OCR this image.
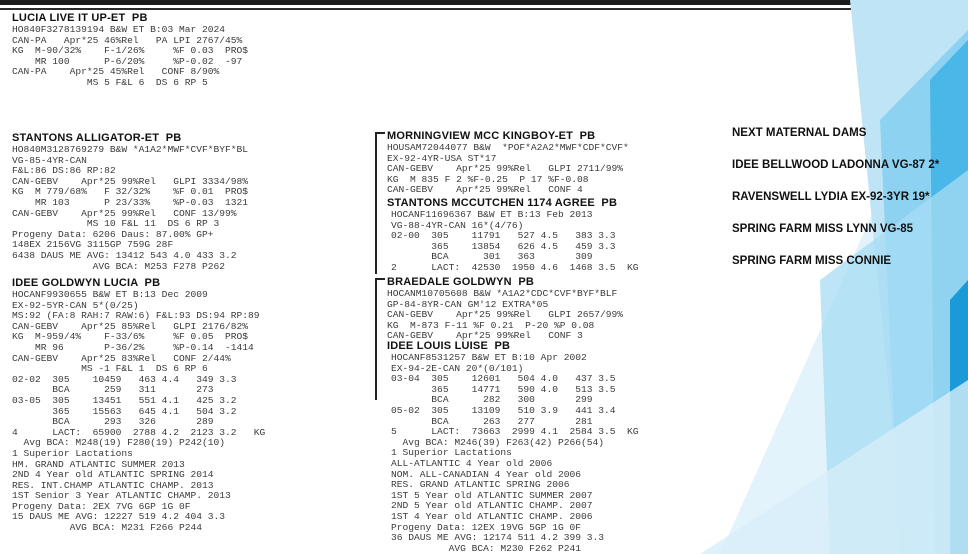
LUCIA LIVE IT UP-ET  PB
HO840F3278139194 B&W ET B:03 Mar 2024
CAN-PA   Apr*25 46%Rel   PA LPI 2767/45%
KG  M-90/32%    F-1/26%     %F 0.03  PRO$
MR 100      P-6/20%     %P-0.02  -97
CAN-PA    Apr*25 45%Rel   CONF 8/90%
MS 5 F&L 6  DS 6 RP 5
STANTONS ALLIGATOR-ET  PB
HO840M3128769279 B&W *A1A2*MWF*CVF*BYF*BL
VG-85-4YR-CAN
F&L:86 DS:86 RP:82
CAN-GEBV    Apr*25 99%Rel   GLPI 3334/98%
KG  M 779/68%   F 32/32%    %F 0.01  PRO$
MR 103      P 23/33%    %P-0.03  1321
CAN-GEBV    Apr*25 99%Rel   CONF 13/99%
MS 10 F&L 11  DS 6 RP 3
Progeny Data: 6206 Daus: 87.00% GP+
148EX 2156VG 3115GP 759G 28F
6438 DAUS ME AVG: 13412 543 4.0 433 3.2
AVG BCA: M253 F278 P262
IDEE GOLDWYN LUCIA  PB
HOCANF9930655 B&W ET B:13 Dec 2009
EX-92-5YR-CAN 5*(0/25)
MS:92 (FA:8 RAH:7 RAW:6) F&L:93 DS:94 RP:89
CAN-GEBV    Apr*25 85%Rel   GLPI 2176/82%
KG  M-959/4%    F-33/6%     %F 0.05  PRO$
MR 96       P-36/2%     %P-0.14  -1414
CAN-GEBV    Apr*25 83%Rel   CONF 2/44%
MS -1 F&L 1  DS 6 RP 6
02-02  305    10459   463 4.4   349 3.3
BCA      259   311       273
03-05  305    13451   551 4.1   425 3.2
365    15563   645 4.1   504 3.2
BCA      293   326       289
4      LACT:  65900  2788 4.2  2123 3.2   KG
Avg BCA: M248(19) F280(19) P242(10)
1 Superior Lactations
HM. GRAND ATLANTIC SUMMER 2013
2ND 4 Year old ATLANTIC SPRING 2014
RES. INT.CHAMP ATLANTIC CHAMP. 2013
1ST Senior 3 Year ATLANTIC CHAMP. 2013
Progeny Data: 2EX 7VG 6GP 1G 0F
15 DAUS ME AVG: 12227 519 4.2 404 3.3
AVG BCA: M231 F266 P244
MORNINGVIEW MCC KINGBOY-ET  PB
HOUSAM72044077 B&W  *POF*A2A2*MWF*CDF*CVF*
EX-92-4YR-USA ST*17
CAN-GEBV    Apr*25 99%Rel   GLPI 2711/99%
KG  M 835 F 2 %F-0.25  P 17 %F-0.08
CAN-GEBV    Apr*25 99%Rel   CONF 4
STANTONS MCCUTCHEN 1174 AGREE  PB
HOCANF11696367 B&W ET B:13 Feb 2013
VG-88-4YR-CAN 16*(4/76)
02-00  305    11791   527 4.5   383 3.3
365    13854   626 4.5   459 3.3
BCA      301   363       309
2      LACT:  42530  1950 4.6  1468 3.5  KG
BRAEDALE GOLDWYN  PB
HOCANM10705608 B&W *A1A2*CDC*CVF*BYF*BLF
GP-84-8YR-CAN GM'12 EXTRA*05
CAN-GEBV    Apr*25 99%Rel   GLPI 2657/99%
KG  M-873 F-11 %F 0.21  P-20 %P 0.08
CAN-GEBV    Apr*25 99%Rel   CONF 3
IDEE LOUIS LUISE  PB
HOCANF8531257 B&W ET B:10 Apr 2002
EX-94-2E-CAN 20*(0/101)
03-04  305    12601   504 4.0   437 3.5
365    14771   590 4.0   513 3.5
BCA      282   300       299
05-02  305    13109   510 3.9   441 3.4
BCA      263   277       281
5      LACT:  73663  2999 4.1  2584 3.5  KG
Avg BCA: M246(39) F263(42) P266(54)
1 Superior Lactations
ALL-ATLANTIC 4 Year old 2006
NOM. ALL-CANADIAN 4 Year old 2006
RES. GRAND ATLANTIC SPRING 2006
1ST 5 Year old ATLANTIC SUMMER 2007
2ND 5 Year old ATLANTIC CHAMP. 2007
1ST 4 Year old ATLANTIC CHAMP. 2006
Progeny Data: 12EX 19VG 5GP 1G 0F
36 DAUS ME AVG: 12174 511 4.2 399 3.3
AVG BCA: M230 F262 P241
NEXT MATERNAL DAMS
IDEE BELLWOOD LADONNA VG-87 2*
RAVENSWELL LYDIA EX-92-3YR 19*
SPRING FARM MISS LYNN VG-85
SPRING FARM MISS CONNIE
